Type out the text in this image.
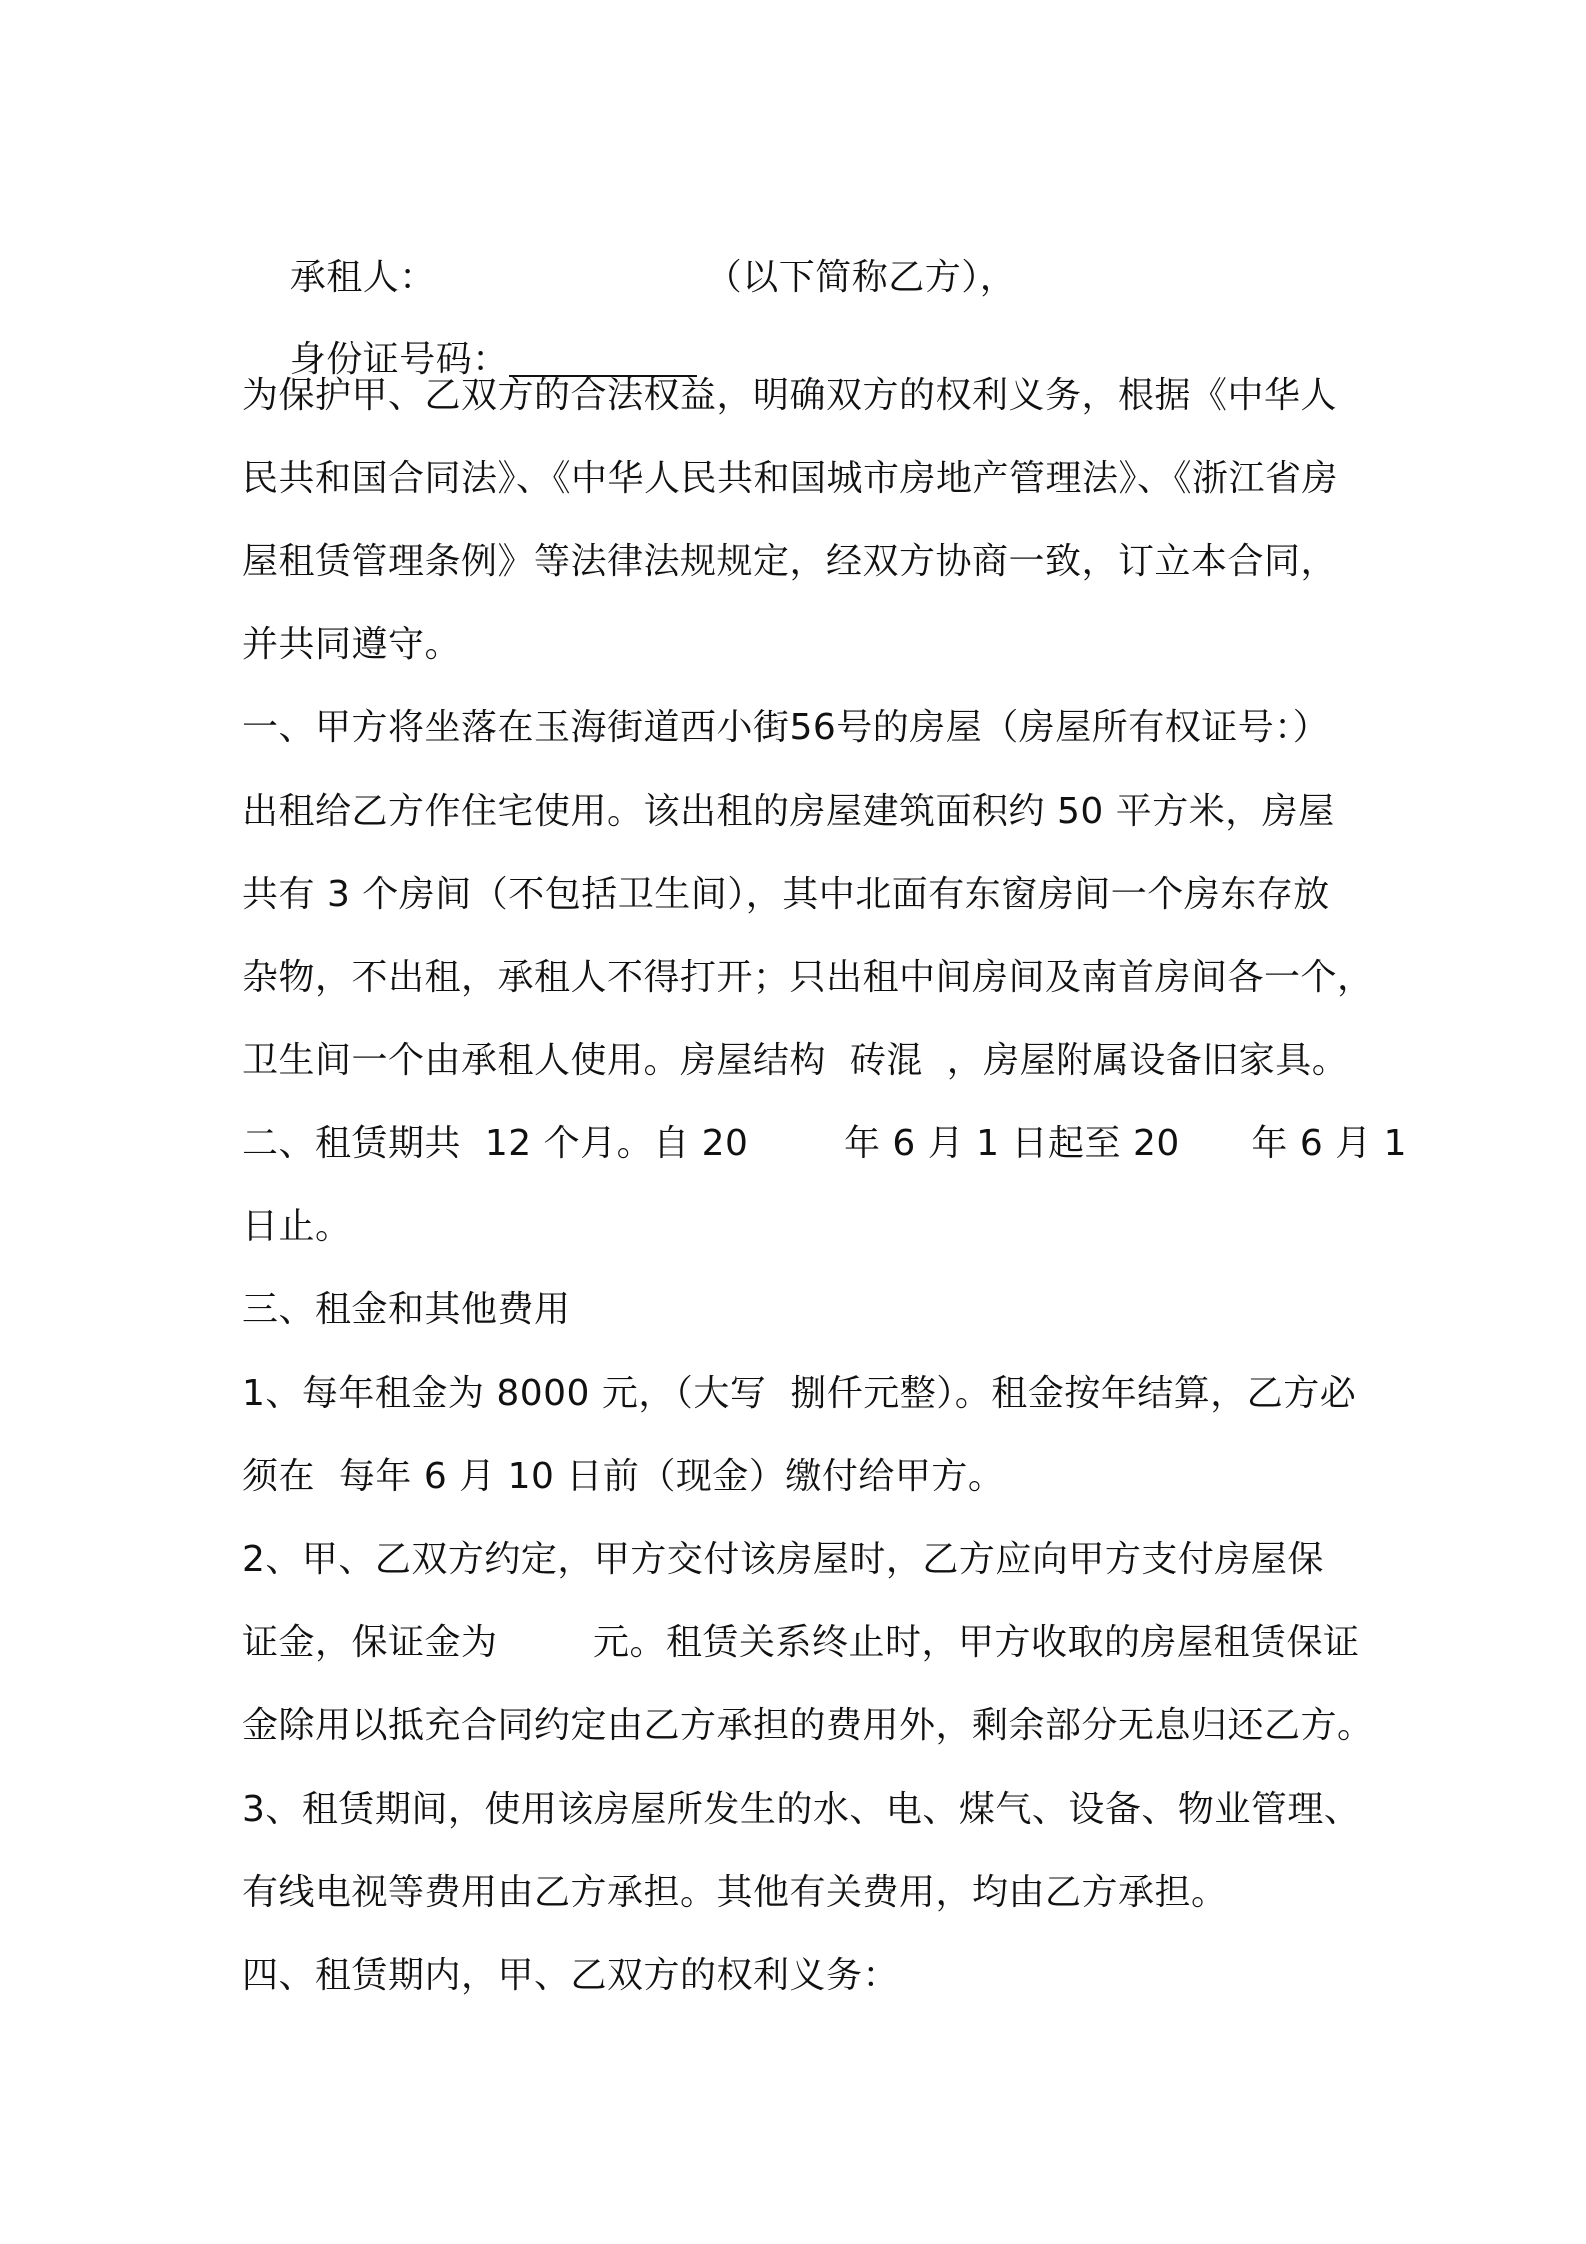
承租人：	（以下简称乙方），

身份证号码：

为保护甲、乙双方的合法权益，明确双方的权利义务，根据《中华人
民共和国合同法》、《中华人民共和国城市房地产管理法》、《浙江省房
屋租赁管理条例》等法律法规规定，经双方协商一致，订立本合同，
并共同遵守。
一、甲方将坐落在玉海街道西小街56号的房屋（房屋所有权证号：）
出租给乙方作住宅使用。该出租的房屋建筑面积约 50 平方米，房屋
共有 3 个房间（不包括卫生间），其中北面有东窗房间一个房东存放
杂物，不出租，承租人不得打开；只出租中间房间及南首房间各一个，
卫生间一个由承租人使用。房屋结构  砖混  ，房屋附属设备旧家具。
二、租赁期共  12 个月。自 20        年 6 月 1 日起至 20      年 6 月 1
日止。
三、租金和其他费用
1、每年租金为 8000 元，（大写  捌仟元整）。租金按年结算，乙方必
须在  每年 6 月 10 日前（现金）缴付给甲方。
2、甲、乙双方约定，甲方交付该房屋时，乙方应向甲方支付房屋保
证金，保证金为        元。租赁关系终止时，甲方收取的房屋租赁保证
金除用以抵充合同约定由乙方承担的费用外，剩余部分无息归还乙方。
3、租赁期间，使用该房屋所发生的水、电、煤气、设备、物业管理、
有线电视等费用由乙方承担。其他有关费用，均由乙方承担。
四、租赁期内，甲、乙双方的权利义务：
